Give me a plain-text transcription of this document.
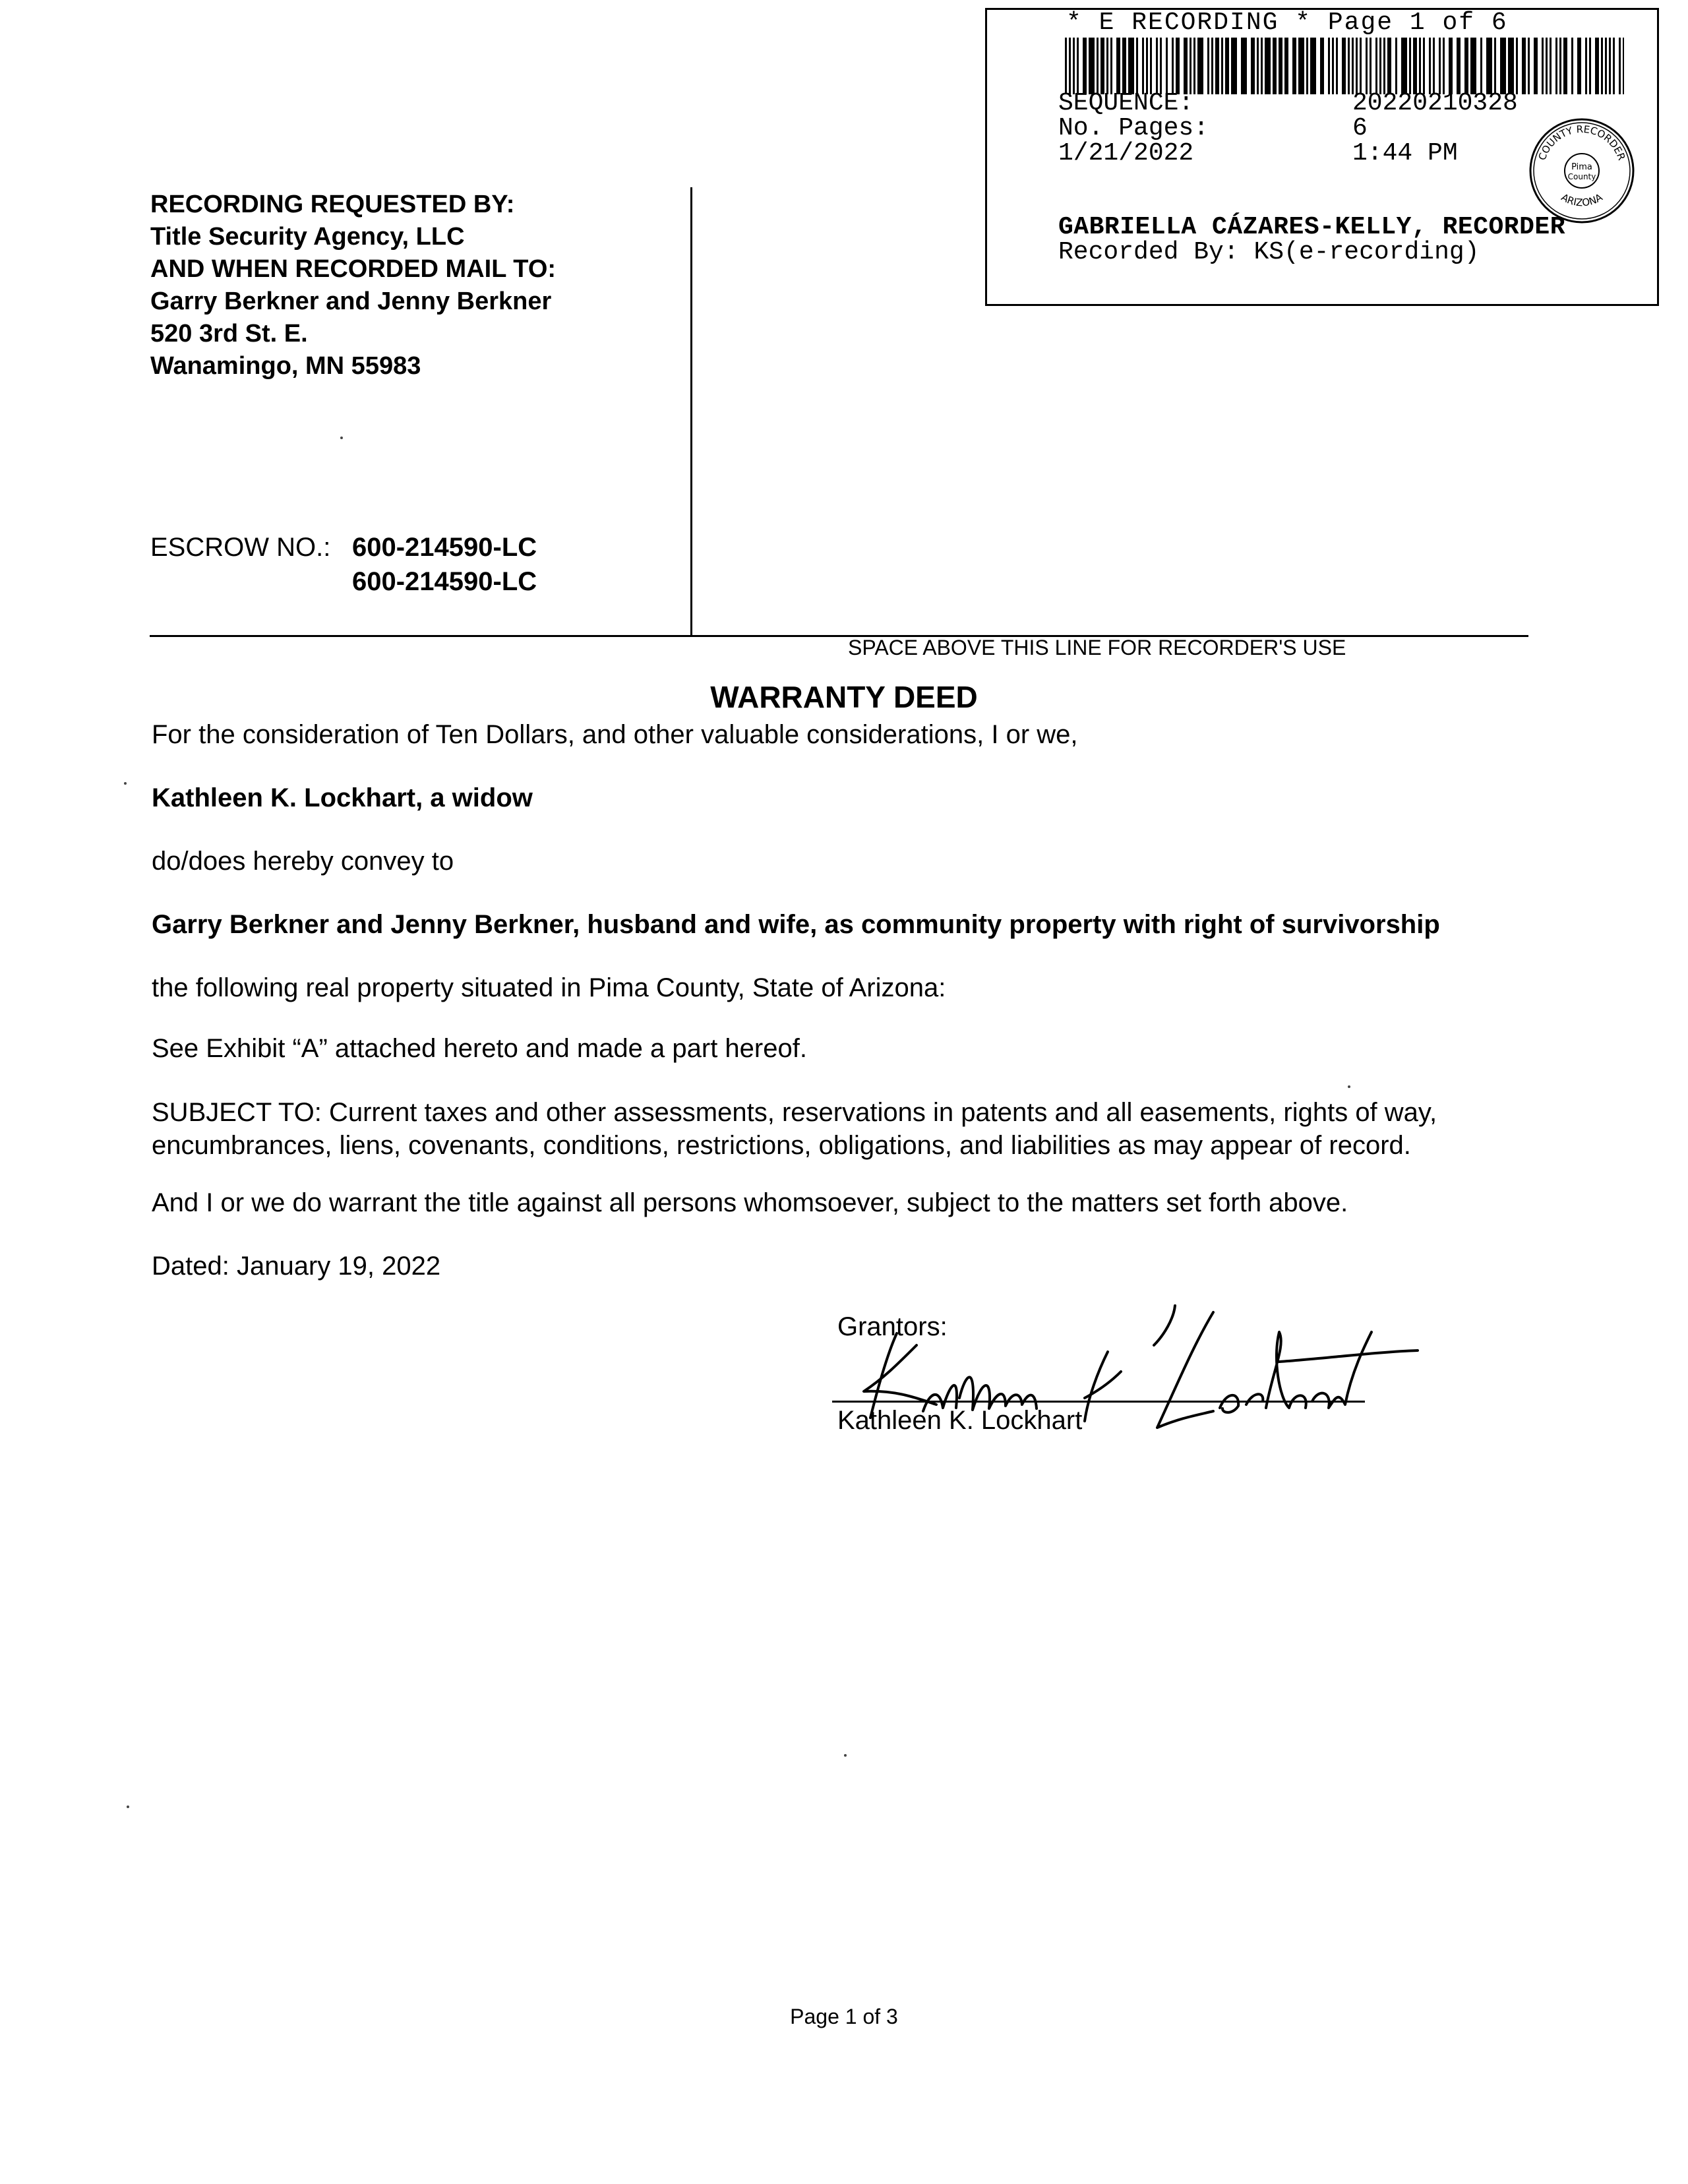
* E RECORDING * Page 1 of 6
SEQUENCE:	20220210328
No. Pages:	6
1/21/2022	1:44 PM
GABRIELLA CÁZARES-KELLY, RECORDER
Recorded By: KS(e-recording)
COUNTY RECORDER
ARIZONA
Pima
County
RECORDING REQUESTED BY:
Title Security Agency, LLC
AND WHEN RECORDED MAIL TO:
Garry Berkner and Jenny Berkner
520 3rd St. E.
Wanamingo, MN 55983
ESCROW NO.: 600-214590-LC
600-214590-LC
SPACE ABOVE THIS LINE FOR RECORDER'S USE
WARRANTY DEED
For the consideration of Ten Dollars, and other valuable considerations, I or we,
Kathleen K. Lockhart, a widow
do/does hereby convey to
Garry Berkner and Jenny Berkner, husband and wife, as community property with right of survivorship
the following real property situated in Pima County, State of Arizona:
See Exhibit “A” attached hereto and made a part hereof.
SUBJECT TO: Current taxes and other assessments, reservations in patents and all easements, rights of way, encumbrances, liens, covenants, conditions, restrictions, obligations, and liabilities as may appear of record.
And I or we do warrant the title against all persons whomsoever, subject to the matters set forth above.
Dated: January 19, 2022
Grantors:
Kathleen K. Lockhart
Page 1 of 3
